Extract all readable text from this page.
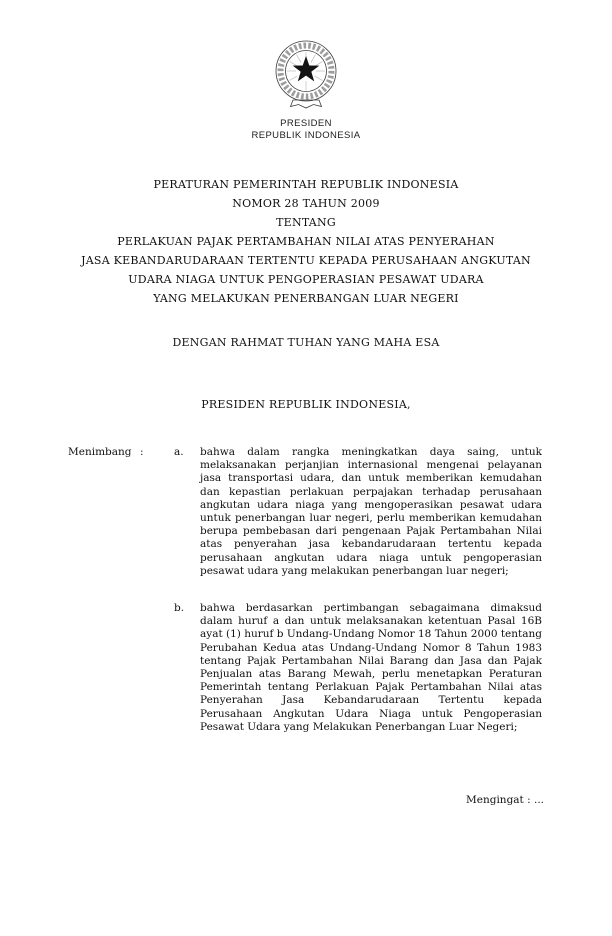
PRESIDEN
REPUBLIK INDONESIA
PERATURAN PEMERINTAH REPUBLIK INDONESIA
NOMOR 28 TAHUN 2009
TENTANG
PERLAKUAN PAJAK PERTAMBAHAN NILAI ATAS PENYERAHAN
JASA KEBANDARUDARAAN TERTENTU KEPADA PERUSAHAAN ANGKUTAN
UDARA NIAGA UNTUK PENGOPERASIAN PESAWAT UDARA
YANG MELAKUKAN PENERBANGAN LUAR NEGERI
DENGAN RAHMAT TUHAN YANG MAHA ESA
PRESIDEN REPUBLIK INDONESIA,
Menimbang :	a.	bahwa dalam rangka meningkatkan daya saing, untuk melaksanakan perjanjian internasional mengenai pelayanan jasa transportasi udara, dan untuk memberikan kemudahan dan kepastian perlakuan perpajakan terhadap perusahaan angkutan udara niaga yang mengoperasikan pesawat udara untuk penerbangan luar negeri, perlu memberikan kemudahan berupa pembebasan dari pengenaan Pajak Pertambahan Nilai atas penyerahan jasa kebandarudaraan tertentu kepada perusahaan angkutan udara niaga untuk pengoperasian pesawat udara yang melakukan penerbangan luar negeri;
b.	bahwa berdasarkan pertimbangan sebagaimana dimaksud dalam huruf a dan untuk melaksanakan ketentuan Pasal 16B ayat (1) huruf b Undang-Undang Nomor 18 Tahun 2000 tentang Perubahan Kedua atas Undang-Undang Nomor 8 Tahun 1983 tentang Pajak Pertambahan Nilai Barang dan Jasa dan Pajak Penjualan atas Barang Mewah, perlu menetapkan Peraturan Pemerintah tentang Perlakuan Pajak Pertambahan Nilai atas Penyerahan Jasa Kebandarudaraan Tertentu kepada Perusahaan Angkutan Udara Niaga untuk Pengoperasian Pesawat Udara yang Melakukan Penerbangan Luar Negeri;
Mengingat : ...
